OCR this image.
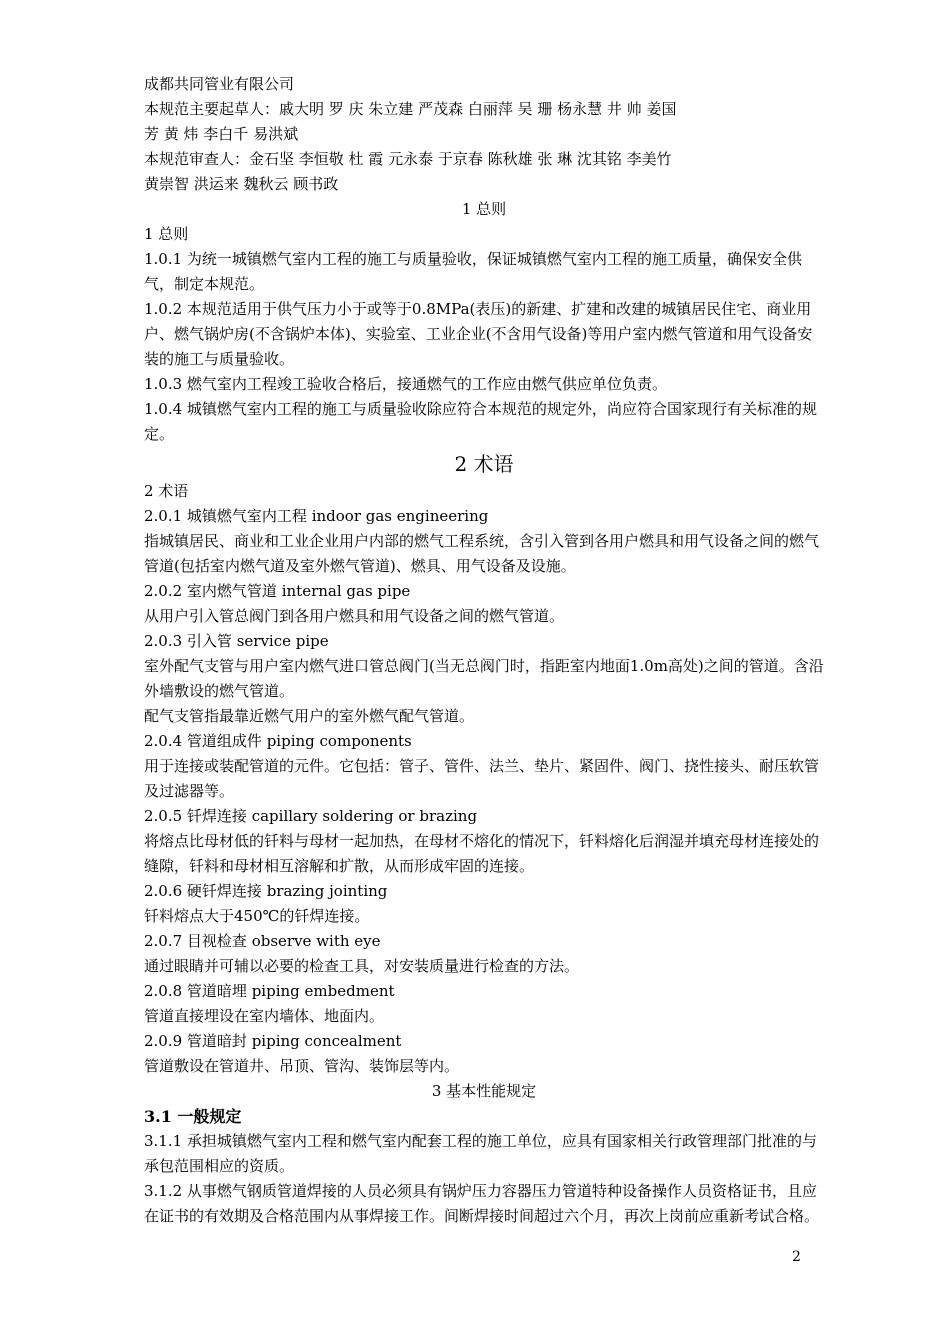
成都共同管业有限公司
本规范主要起草人：戚大明 罗 庆 朱立建 严茂森 白丽萍 吴 珊 杨永慧 井 帅 姜国
芳 黄 炜 李白千 易洪斌
本规范审查人：金石坚 李恒敬 杜 霞 元永泰 于京春 陈秋雄 张 琳 沈其铭 李美竹
黄崇智 洪运来 魏秋云 顾书政
1 总则
1 总则
1.0.1 为统一城镇燃气室内工程的施工与质量验收，保证城镇燃气室内工程的施工质量，确保安全供气，制定本规范。
1.0.2 本规范适用于供气压力小于或等于0.8MPa(表压)的新建、扩建和改建的城镇居民住宅、商业用户、燃气锅炉房(不含锅炉本体)、实验室、工业企业(不含用气设备)等用户室内燃气管道和用气设备安装的施工与质量验收。
1.0.3 燃气室内工程竣工验收合格后，接通燃气的工作应由燃气供应单位负责。
1.0.4 城镇燃气室内工程的施工与质量验收除应符合本规范的规定外，尚应符合国家现行有关标准的规定。
2 术语
2 术语
2.0.1 城镇燃气室内工程 indoor gas engineering
指城镇居民、商业和工业企业用户内部的燃气工程系统，含引入管到各用户燃具和用气设备之间的燃气管道(包括室内燃气道及室外燃气管道)、燃具、用气设备及设施。
2.0.2 室内燃气管道 internal gas pipe
从用户引入管总阀门到各用户燃具和用气设备之间的燃气管道。
2.0.3 引入管 service pipe
室外配气支管与用户室内燃气进口管总阀门(当无总阀门时，指距室内地面1.0m高处)之间的管道。含沿外墙敷设的燃气管道。
配气支管指最靠近燃气用户的室外燃气配气管道。
2.0.4 管道组成件 piping components
用于连接或装配管道的元件。它包括：管子、管件、法兰、垫片、紧固件、阀门、挠性接头、耐压软管及过滤器等。
2.0.5 钎焊连接 capillary soldering or brazing
将熔点比母材低的钎料与母材一起加热，在母材不熔化的情况下，钎料熔化后润湿并填充母材连接处的缝隙，钎料和母材相互溶解和扩散，从而形成牢固的连接。
2.0.6 硬钎焊连接 brazing jointing
钎料熔点大于450℃的钎焊连接。
2.0.7 目视检查 observe with eye
通过眼睛并可辅以必要的检查工具，对安装质量进行检查的方法。
2.0.8 管道暗埋 piping embedment
管道直接埋设在室内墙体、地面内。
2.0.9 管道暗封 piping concealment
管道敷设在管道井、吊顶、管沟、装饰层等内。
3 基本性能规定
3.1 一般规定
3.1.1 承担城镇燃气室内工程和燃气室内配套工程的施工单位，应具有国家相关行政管理部门批准的与承包范围相应的资质。
3.1.2 从事燃气钢质管道焊接的人员必须具有锅炉压力容器压力管道特种设备操作人员资格证书，且应在证书的有效期及合格范围内从事焊接工作。间断焊接时间超过六个月，再次上岗前应重新考试合格。
2
